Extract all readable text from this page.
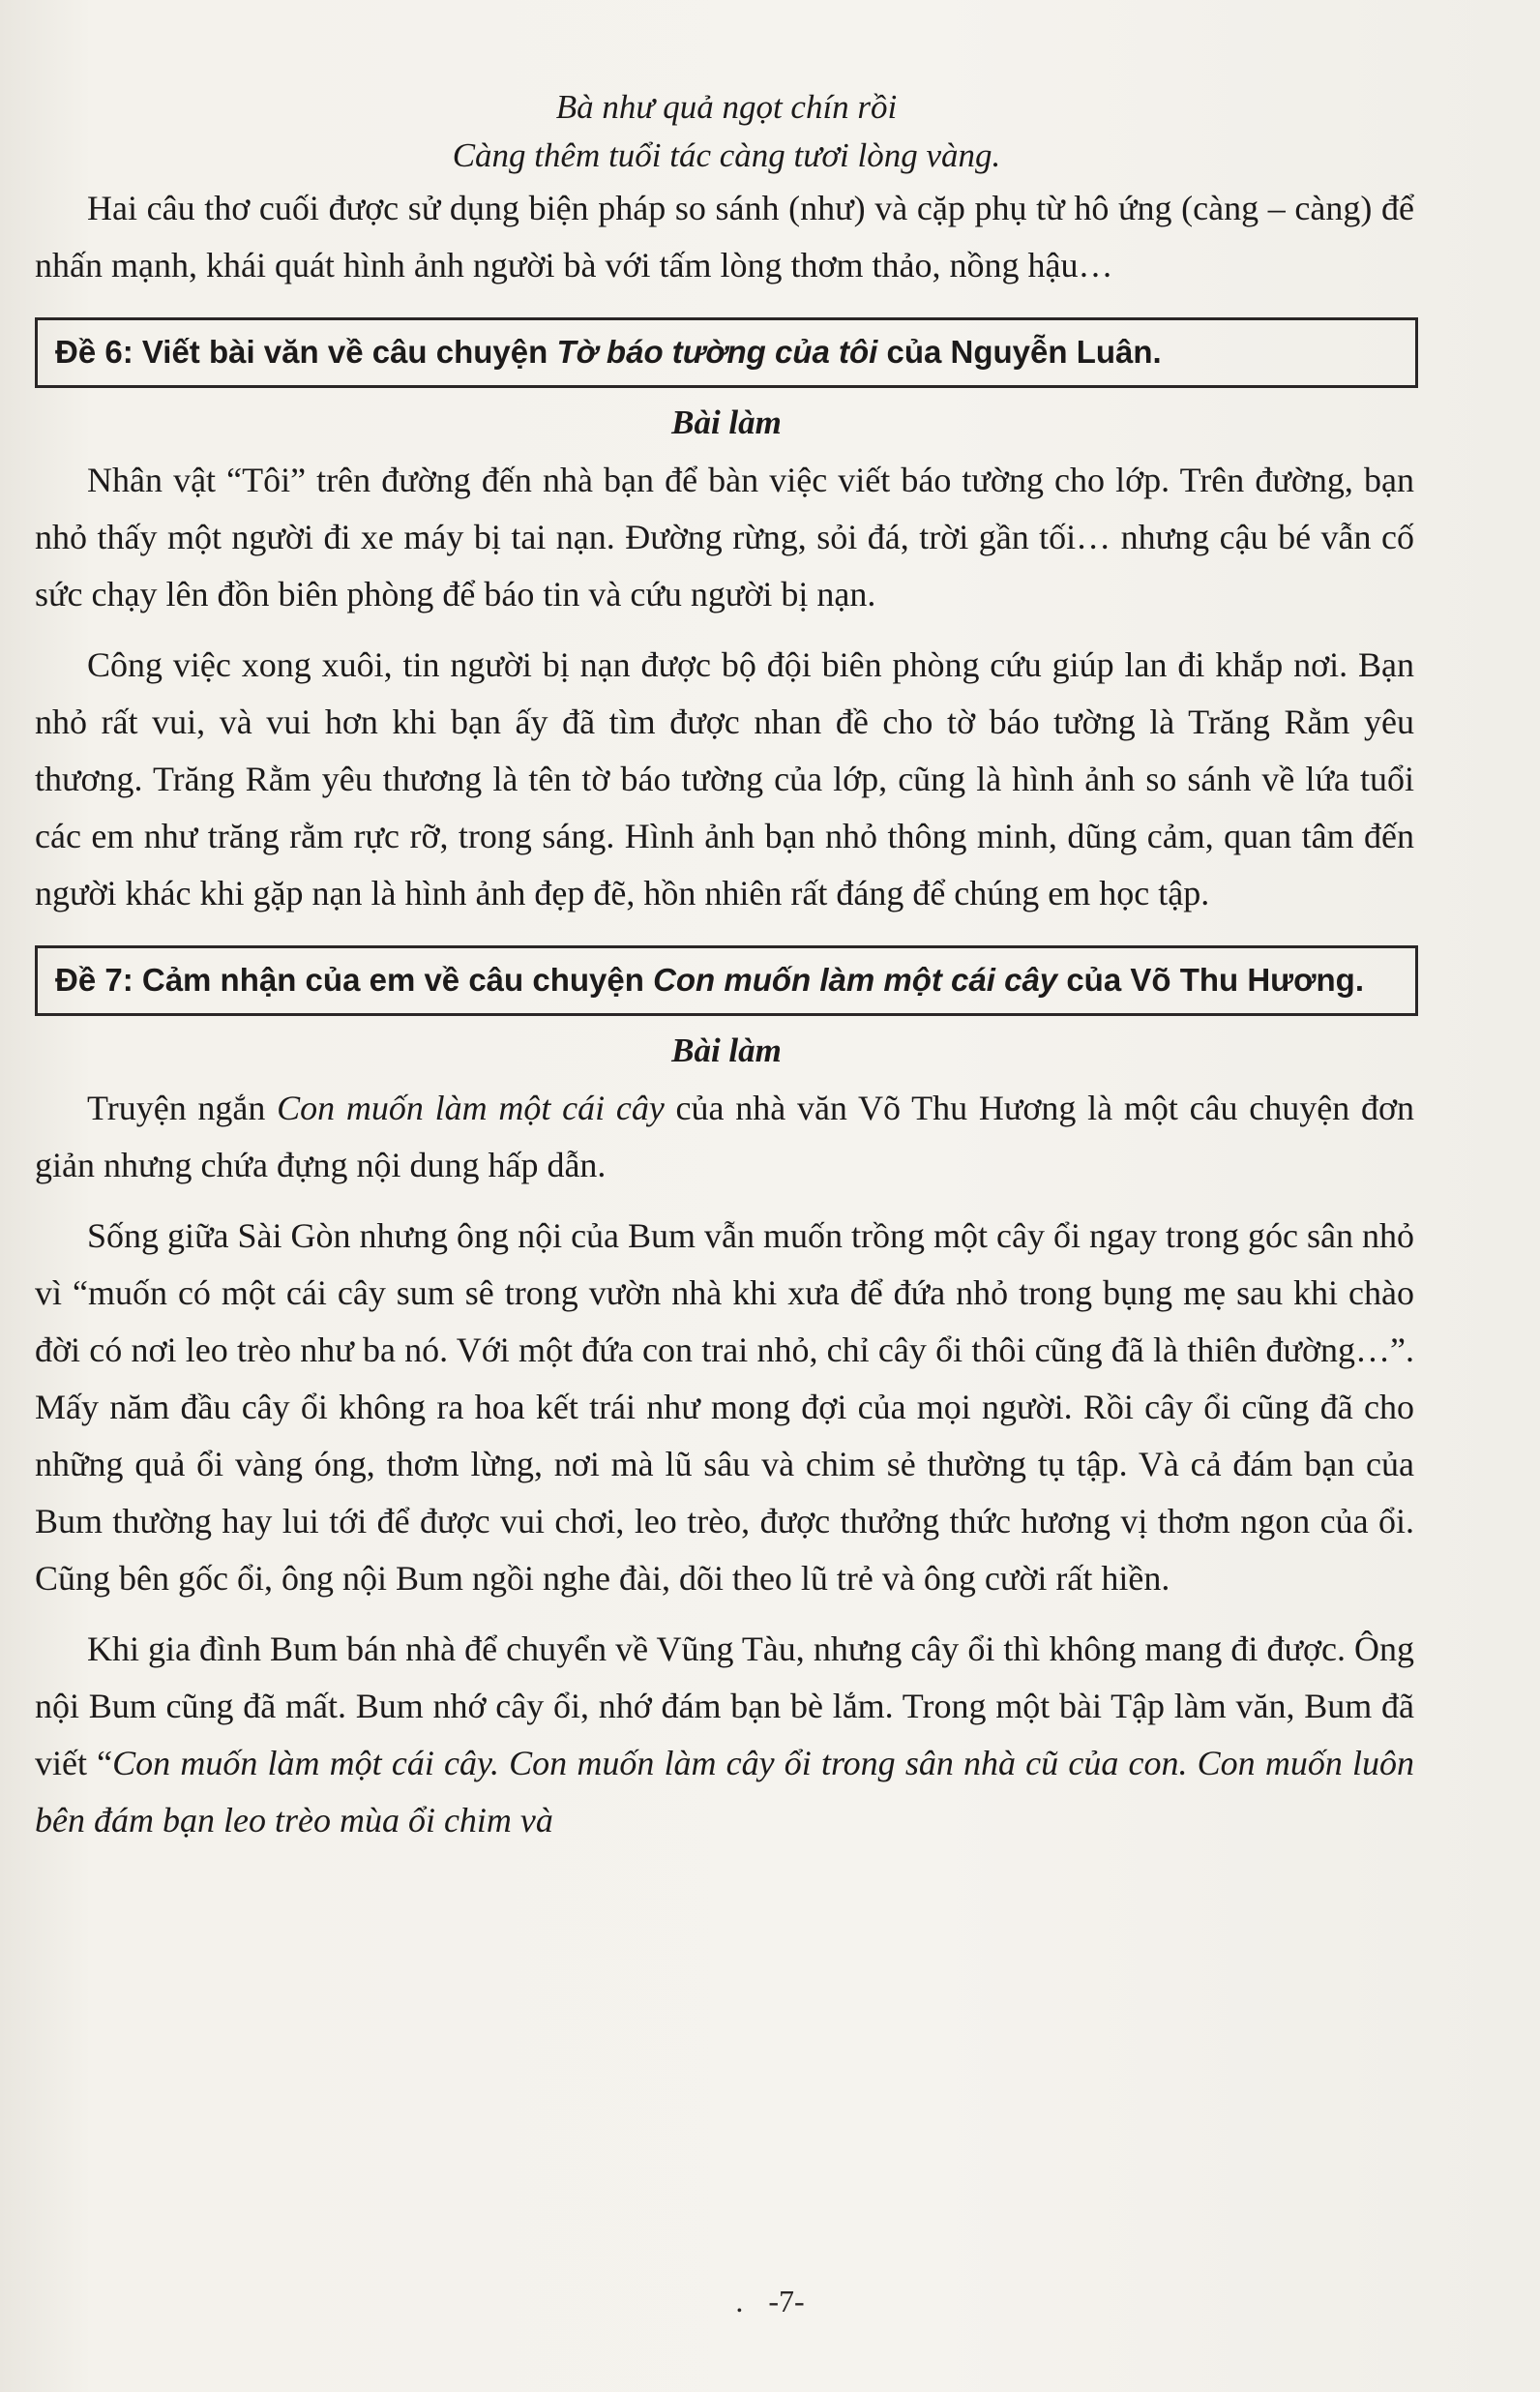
Bà như quả ngọt chín rồi
Càng thêm tuổi tác càng tươi lòng vàng.

Hai câu thơ cuối được sử dụng biện pháp so sánh (như) và cặp phụ từ hô ứng (càng – càng) để nhấn mạnh, khái quát hình ảnh người bà với tấm lòng thơm thảo, nồng hậu…

Đề 6: Viết bài văn về câu chuyện Tờ báo tường của tôi của Nguyễn Luân.
Bài làm

Nhân vật “Tôi” trên đường đến nhà bạn để bàn việc viết báo tường cho lớp. Trên đường, bạn nhỏ thấy một người đi xe máy bị tai nạn. Đường rừng, sỏi đá, trời gần tối… nhưng cậu bé vẫn cố sức chạy lên đồn biên phòng để báo tin và cứu người bị nạn.

Công việc xong xuôi, tin người bị nạn được bộ đội biên phòng cứu giúp lan đi khắp nơi. Bạn nhỏ rất vui, và vui hơn khi bạn ấy đã tìm được nhan đề cho tờ báo tường là Trăng Rằm yêu thương. Trăng Rằm yêu thương là tên tờ báo tường của lớp, cũng là hình ảnh so sánh về lứa tuổi các em như trăng rằm rực rỡ, trong sáng. Hình ảnh bạn nhỏ thông minh, dũng cảm, quan tâm đến người khác khi gặp nạn là hình ảnh đẹp đẽ, hồn nhiên rất đáng để chúng em học tập.

Đề 7: Cảm nhận của em về câu chuyện Con muốn làm một cái cây của Võ Thu Hương.
Bài làm

Truyện ngắn Con muốn làm một cái cây của nhà văn Võ Thu Hương là một câu chuyện đơn giản nhưng chứa đựng nội dung hấp dẫn.

Sống giữa Sài Gòn nhưng ông nội của Bum vẫn muốn trồng một cây ổi ngay trong góc sân nhỏ vì “muốn có một cái cây sum sê trong vườn nhà khi xưa để đứa nhỏ trong bụng mẹ sau khi chào đời có nơi leo trèo như ba nó. Với một đứa con trai nhỏ, chỉ cây ổi thôi cũng đã là thiên đường…”. Mấy năm đầu cây ổi không ra hoa kết trái như mong đợi của mọi người. Rồi cây ổi cũng đã cho những quả ổi vàng óng, thơm lừng, nơi mà lũ sâu và chim sẻ thường tụ tập. Và cả đám bạn của Bum thường hay lui tới để được vui chơi, leo trèo, được thưởng thức hương vị thơm ngon của ổi. Cũng bên gốc ổi, ông nội Bum ngồi nghe đài, dõi theo lũ trẻ và ông cười rất hiền.

Khi gia đình Bum bán nhà để chuyển về Vũng Tàu, nhưng cây ổi thì không mang đi được. Ông nội Bum cũng đã mất. Bum nhớ cây ổi, nhớ đám bạn bè lắm. Trong một bài Tập làm văn, Bum đã viết “Con muốn làm một cái cây. Con muốn làm cây ổi trong sân nhà cũ của con. Con muốn luôn bên đám bạn leo trèo mùa ổi chim và

. -7-
